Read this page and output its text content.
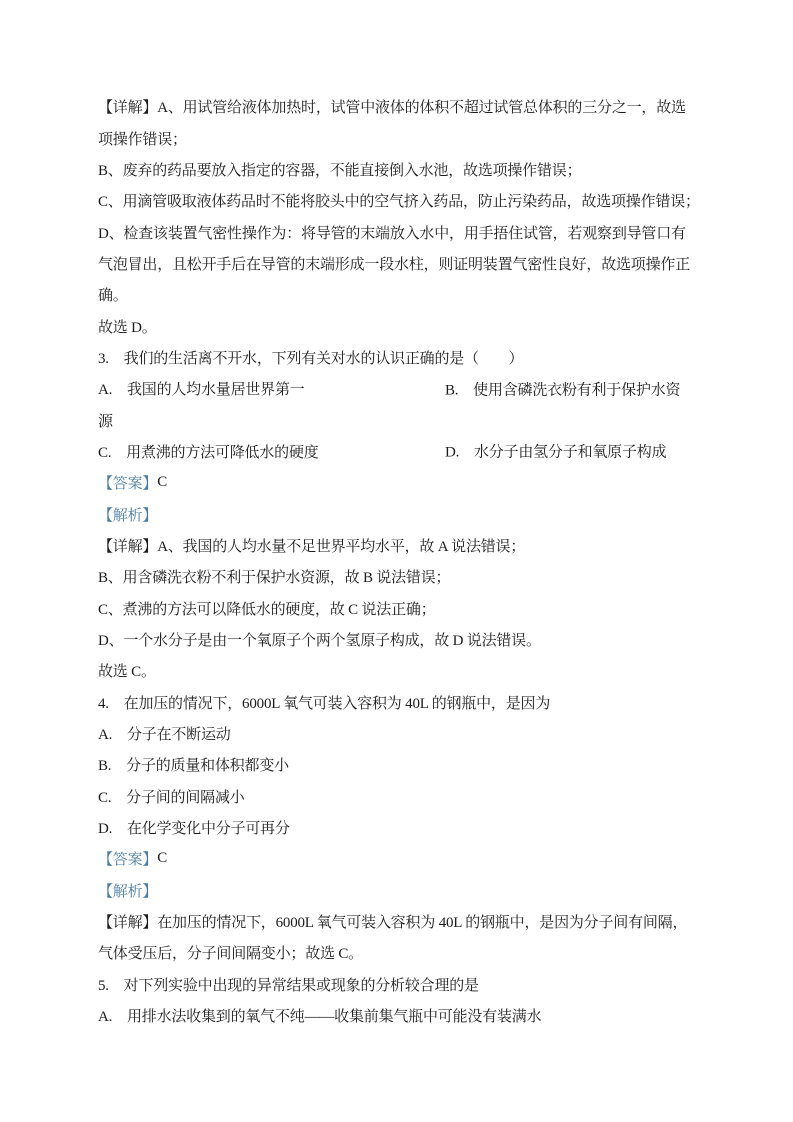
【详解】A、用试管给液体加热时，试管中液体的体积不超过试管总体积的三分之一，故选
项操作错误；
B、废弃的药品要放入指定的容器，不能直接倒入水池，故选项操作错误；
C、用滴管吸取液体药品时不能将胶头中的空气挤入药品，防止污染药品，故选项操作错误；
D、检查该装置气密性操作为：将导管的末端放入水中，用手捂住试管，若观察到导管口有
气泡冒出，且松开手后在导管的末端形成一段水柱，则证明装置气密性良好，故选项操作正
确。
故选 D。
3. 我们的生活离不开水，下列有关对水的认识正确的是（　　）
A. 我国的人均水量居世界第一	B. 使用含磷洗衣粉有利于保护水资
源
C. 用煮沸的方法可降低水的硬度	D. 水分子由氢分子和氧原子构成
【答案】 C
【解析】
【详解】A、我国的人均水量不足世界平均水平，故 A 说法错误；
B、用含磷洗衣粉不利于保护水资源，故 B 说法错误；
C、煮沸的方法可以降低水的硬度，故 C 说法正确；
D、一个水分子是由一个氧原子个两个氢原子构成，故 D 说法错误。
故选 C。
4. 在加压的情况下，6000L 氧气可装入容积为 40L 的钢瓶中，是因为
A. 分子在不断运动
B. 分子的质量和体积都变小
C. 分子间的间隔减小
D. 在化学变化中分子可再分
【答案】 C
【解析】
【详解】在加压的情况下，6000L 氧气可装入容积为 40L 的钢瓶中，是因为分子间有间隔，
气体受压后，分子间间隔变小；故选 C。
5. 对下列实验中出现的异常结果或现象的分析较合理的是
A. 用排水法收集到的氧气不纯——收集前集气瓶中可能没有装满水
